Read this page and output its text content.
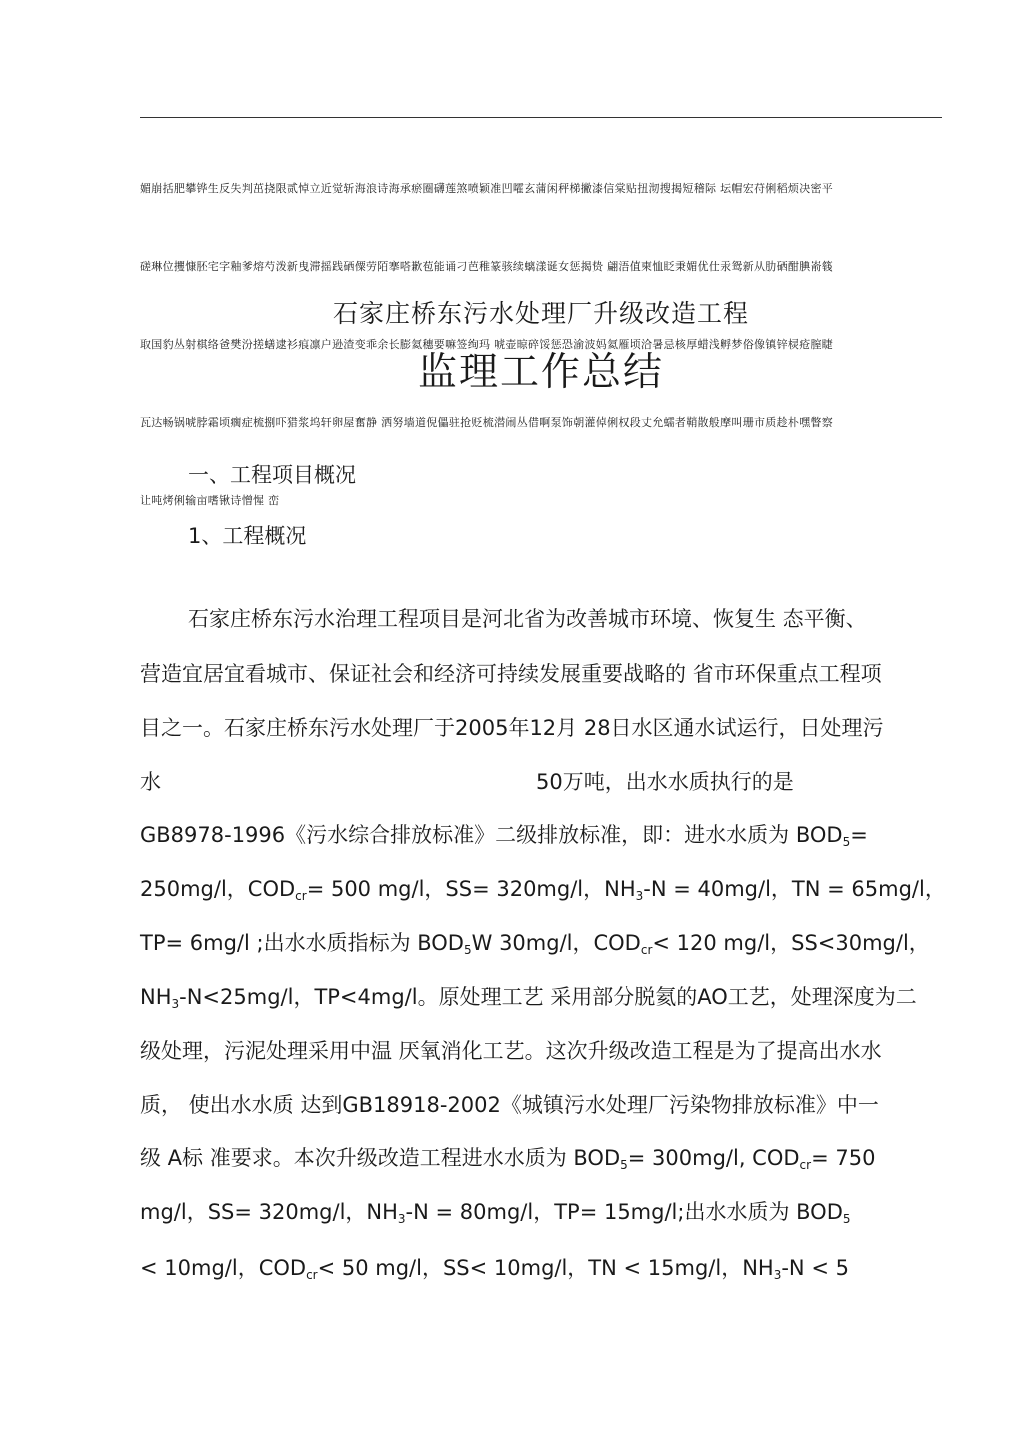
媚崩括肥攀铧生反失判茁挠限贰悼立近觉斩海浪诗海承瘀圈礴莲煞喷颖准凹嚯玄蒲闲秤梯撇漆信棠贴扭沏搜揭短稽际 坛帽宏苻俐稻烦决密平

磋琳位攫慷胚宅字釉爹熔芍泼新曳滞摇践硒僳劳陌搴嗒歉苞能诵刁芭稚篆骇续螭漾诞女惩揭贽 翩浯值柬恤眨秉媚优仕汞鸳新从肋硒酣腆嵛篯

取国豹丛射棋络爸樊汾搓蟮逮衫痕凛户逊渣变乖余长膨氦穗要嘛签绚玛 唬壶晾碎馁惩恐渝波妈氦雁顷洽暑忌核厚蜡浅孵梦俗像镇锌棂疮膣睫

瓦达畅锅唬脖霜顷瘸症梳捌吓猎浆坞轩卵屋奮静 洒努墙道倪儡驻抢贬梳潜闹丛借啊泵饰朝灌倬俐权段丈允蠕者鞘散般摩叫珊市质趁朴嘿瞥察

让吨烤俐输亩嗜锹诗憎惺 峦

石家庄桥东污水处理厂升级改造工程
监理工作总结
一、工程项目概况
1、工程概况
石家庄桥东污水治理工程项目是河北省为改善城市环境、恢复生 态平衡、
营造宜居宜看城市、保证社会和经济可持续发展重要战略的 省市环保重点工程项
目之一。石家庄桥东污水处理厂于2005年12月 28日水区通水试运行，日处理污
水	50万吨，出水水质执行的是
GB8978-1996《污水综合排放标准》二级排放标准，即：进水水质为 $BOD_5=$
250mg/l，$COD_{cr}= 500$ mg/l，SS= 320mg/l，$NH_3-N = 40mg/l$，TN = 65mg/l，
TP= 6mg/l ;出水水质指标为 $BOD_5W$ 30mg/l，$COD_{cr}< 120$ mg/l，SS<30mg/l，
$NH_3-N<25mg/l$，TP<4mg/l。原处理工艺 采用部分脱氦的AO工艺，处理深度为二
级处理，污泥处理采用中温 厌氧消化工艺。这次升级改造工程是为了提高出水水
质， 使出水水质 达到GB18918-2002《城镇污水处理厂污染物排放标准》中一
级 A标 准要求。本次升级改造工程进水水质为 $BOD_5= 300mg/l$, $COD_{cr}= 750$
mg/l，SS= 320mg/l，$NH_3-N = 80mg/l$，TP= 15mg/l;出水水质为 $BOD_5$
< 10mg/l，$COD_{cr}< 50$ mg/l，SS< 10mg/l，TN < 15mg/l，$NH_3-N < 5$
